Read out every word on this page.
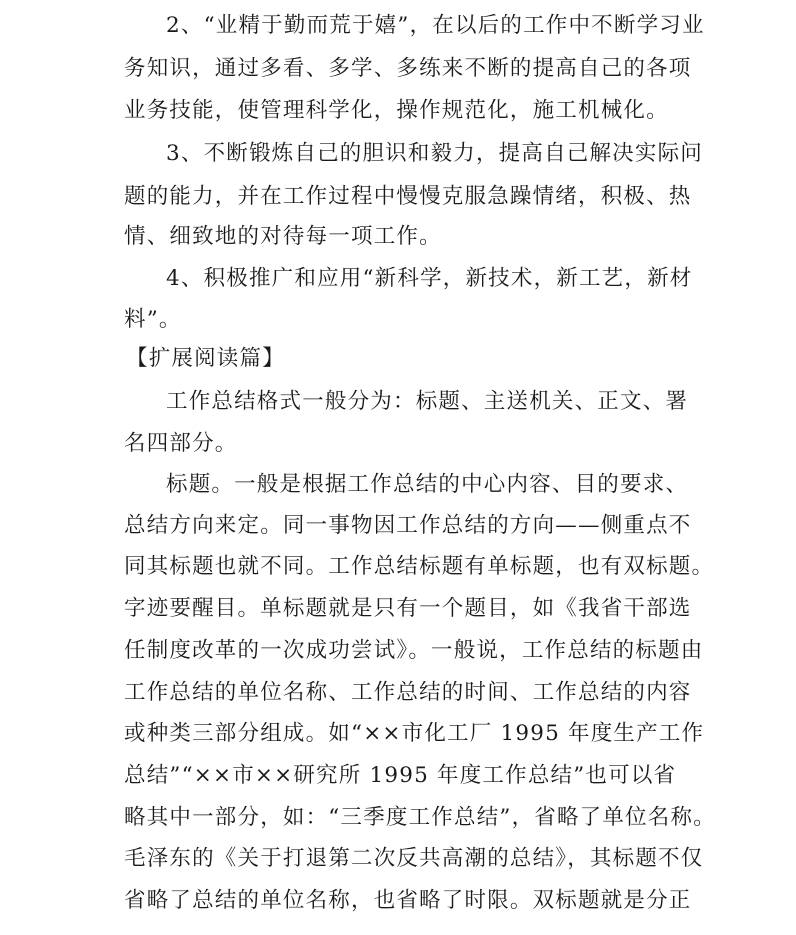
2、“业精于勤而荒于嬉”，在以后的工作中不断学习业
务知识，通过多看、多学、多练来不断的提高自己的各项
业务技能，使管理科学化，操作规范化，施工机械化。
3、不断锻炼自己的胆识和毅力，提高自己解决实际问
题的能力，并在工作过程中慢慢克服急躁情绪，积极、热
情、细致地的对待每一项工作。
4、积极推广和应用“新科学，新技术，新工艺，新材
料”。
【扩展阅读篇】
工作总结格式一般分为：标题、主送机关、正文、署
名四部分。
标题。一般是根据工作总结的中心内容、目的要求、
总结方向来定。同一事物因工作总结的方向——侧重点不
同其标题也就不同。工作总结标题有单标题，也有双标题。
字迹要醒目。单标题就是只有一个题目，如《我省干部选
任制度改革的一次成功尝试》。一般说，工作总结的标题由
工作总结的单位名称、工作总结的时间、工作总结的内容
或种类三部分组成。如“××市化工厂 1995 年度生产工作
总结”“××市××研究所 1995 年度工作总结”也可以省
略其中一部分，如：“三季度工作总结”，省略了单位名称。
毛泽东的《关于打退第二次反共高潮的总结》，其标题不仅
省略了总结的单位名称，也省略了时限。双标题就是分正
